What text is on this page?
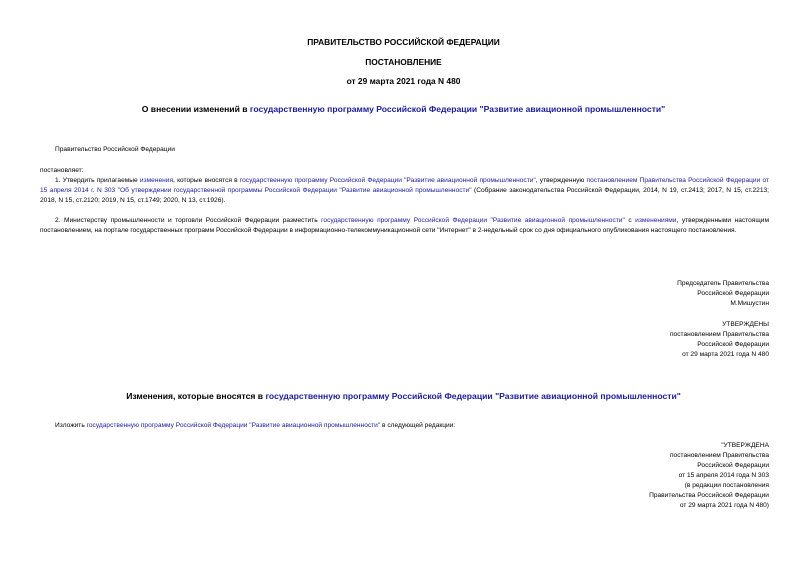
ПРАВИТЕЛЬСТВО РОССИЙСКОЙ ФЕДЕРАЦИИ
ПОСТАНОВЛЕНИЕ
от 29 марта 2021 года N 480
О внесении изменений в государственную программу Российской Федерации "Развитие авиационной промышленности"
Правительство Российской Федерации
постановляет:
1. Утвердить прилагаемые изменения, которые вносятся в государственную программу Российской Федерации "Развитие авиационной промышленности", утвержденную постановлением Правительства Российской Федерации от 15 апреля 2014 г. N 303 "Об утверждении государственной программы Российской Федерации "Развитие авиационной промышленности" (Собрание законодательства Российской Федерации, 2014, N 19, ст.2413; 2017, N 15, ст.2213; 2018, N 15, ст.2120; 2019, N 15, ст.1749; 2020, N 13, ст.1926).
2. Министерству промышленности и торговли Российской Федерации разместить государственную программу Российской Федерации "Развитие авиационной промышленности" с изменениями, утвержденными настоящим постановлением, на портале государственных программ Российской Федерации в информационно-телекоммуникационной сети "Интернет" в 2-недельный срок со дня официального опубликования настоящего постановления.
Председатель Правительства
Российской Федерации
М.Мишустин
УТВЕРЖДЕНЫ
постановлением Правительства
Российской Федерации
от 29 марта 2021 года N 480
Изменения, которые вносятся в государственную программу Российской Федерации "Развитие авиационной промышленности"
Изложить государственную программу Российской Федерации "Развитие авиационной промышленности" в следующей редакции:
"УТВЕРЖДЕНА
постановлением Правительства
Российской Федерации
от 15 апреля 2014 года N 303
(в редакции постановления
Правительства Российской Федерации
от 29 марта 2021 года N 480)
